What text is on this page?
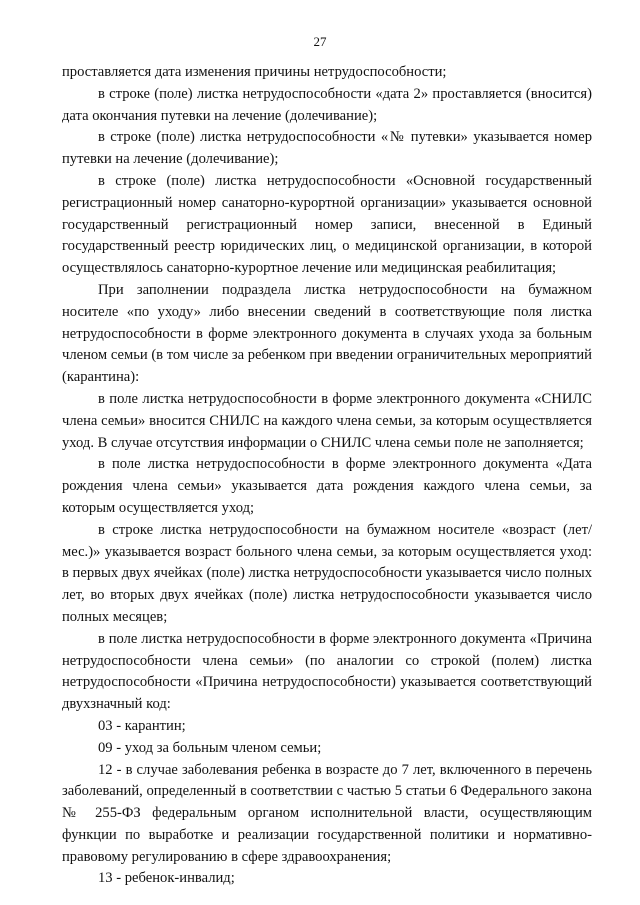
27

проставляется дата изменения причины нетрудоспособности;

в строке (поле) листка нетрудоспособности «дата 2» проставляется (вносится) дата окончания путевки на лечение (долечивание);

в строке (поле) листка нетрудоспособности «№ путевки» указывается номер путевки на лечение (долечивание);

в строке (поле) листка нетрудоспособности «Основной государственный регистрационный номер санаторно-курортной организации» указывается основной государственный регистрационный номер записи, внесенной в Единый государственный реестр юридических лиц, о медицинской организации, в которой осуществлялось санаторно-курортное лечение или медицинская реабилитация;

При заполнении подраздела листка нетрудоспособности на бумажном носителе «по уходу» либо внесении сведений в соответствующие поля листка нетрудоспособности в форме электронного документа в случаях ухода за больным членом семьи (в том числе за ребенком при введении ограничительных мероприятий (карантина):

в поле листка нетрудоспособности в форме электронного документа «СНИЛС члена семьи» вносится СНИЛС на каждого члена семьи, за которым осуществляется уход. В случае отсутствия информации о СНИЛС члена семьи поле не заполняется;

в поле листка нетрудоспособности в форме электронного документа «Дата рождения члена семьи» указывается дата рождения каждого члена семьи, за которым осуществляется уход;

в строке листка нетрудоспособности на бумажном носителе «возраст (лет/мес.)» указывается возраст больного члена семьи, за которым осуществляется уход: в первых двух ячейках (поле) листка нетрудоспособности указывается число полных лет, во вторых двух ячейках (поле) листка нетрудоспособности указывается число полных месяцев;

в поле листка нетрудоспособности в форме электронного документа «Причина нетрудоспособности члена семьи» (по аналогии со строкой (полем) листка нетрудоспособности «Причина нетрудоспособности) указывается соответствующий двухзначный код:

03 - карантин;

09 - уход за больным членом семьи;

12 - в случае заболевания ребенка в возрасте до 7 лет, включенного в перечень заболеваний, определенный в соответствии с частью 5 статьи 6 Федерального закона № 255-ФЗ федеральным органом исполнительной власти, осуществляющим функции по выработке и реализации государственной политики и нормативно-правовому регулированию в сфере здравоохранения;

13 - ребенок-инвалид;
